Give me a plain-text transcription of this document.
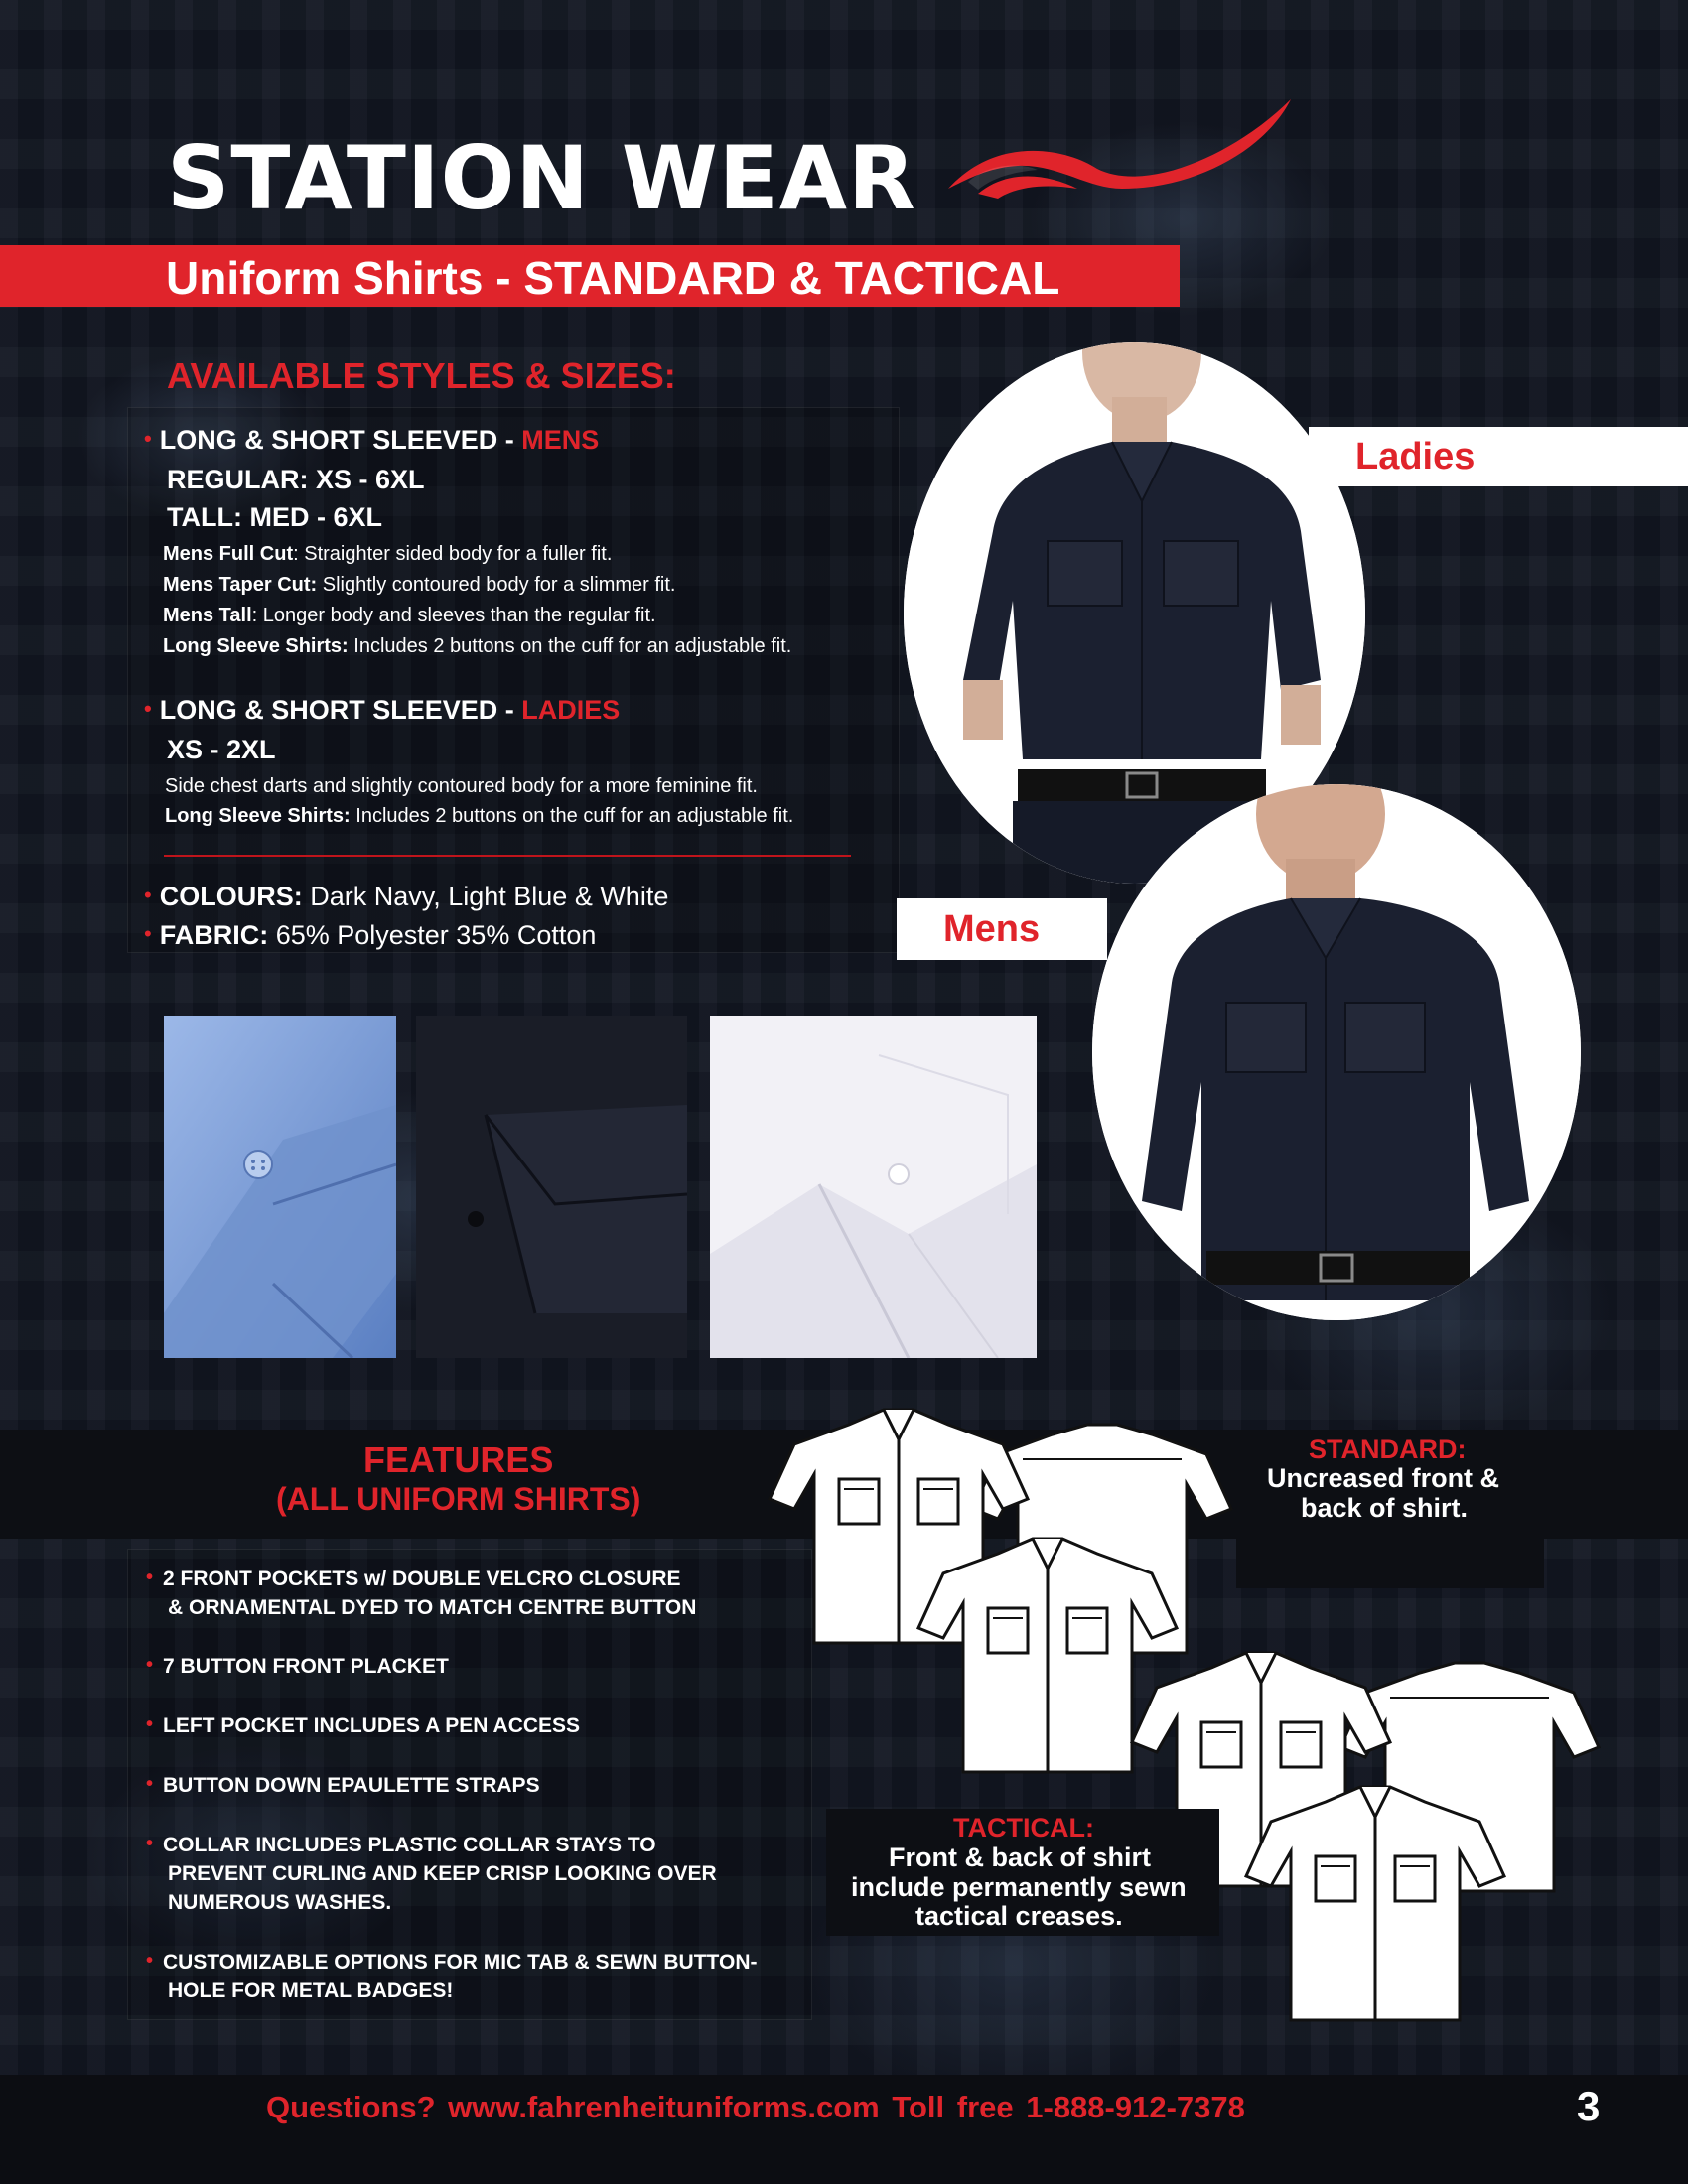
STATION WEAR
Uniform Shirts - STANDARD & TACTICAL
AVAILABLE STYLES & SIZES:
• LONG & SHORT SLEEVED - MENS
REGULAR: XS - 6XL
TALL: MED - 6XL
Mens Full Cut: Straighter sided body for a fuller fit.
Mens Taper Cut: Slightly contoured body for a slimmer fit.
Mens Tall: Longer body and sleeves than the regular fit.
Long Sleeve Shirts: Includes 2 buttons on the cuff for an adjustable fit.
• LONG & SHORT SLEEVED - LADIES
XS - 2XL
Side chest darts and slightly contoured body for a more feminine fit.
Long Sleeve Shirts: Includes 2 buttons on the cuff for an adjustable fit.
• COLOURS: Dark Navy, Light Blue & White
• FABRIC: 65% Polyester 35% Cotton
Ladies
Mens
FEATURES
(ALL UNIFORM SHIRTS)
• 2 FRONT POCKETS w/ DOUBLE VELCRO CLOSURE
& ORNAMENTAL DYED TO MATCH CENTRE BUTTON
• 7 BUTTON FRONT PLACKET
• LEFT POCKET INCLUDES A PEN ACCESS
• BUTTON DOWN EPAULETTE STRAPS
• COLLAR INCLUDES PLASTIC COLLAR STAYS TO
PREVENT CURLING AND KEEP CRISP LOOKING OVER
NUMEROUS WASHES.
• CUSTOMIZABLE OPTIONS FOR MIC TAB & SEWN BUTTON-
HOLE FOR METAL BADGES!
STANDARD:
Uncreased front &
back of shirt.
TACTICAL:
Front & back of shirt
include permanently sewn
tactical creases.
Questions? www.fahrenheituniforms.com Toll free 1-888-912-7378	3
